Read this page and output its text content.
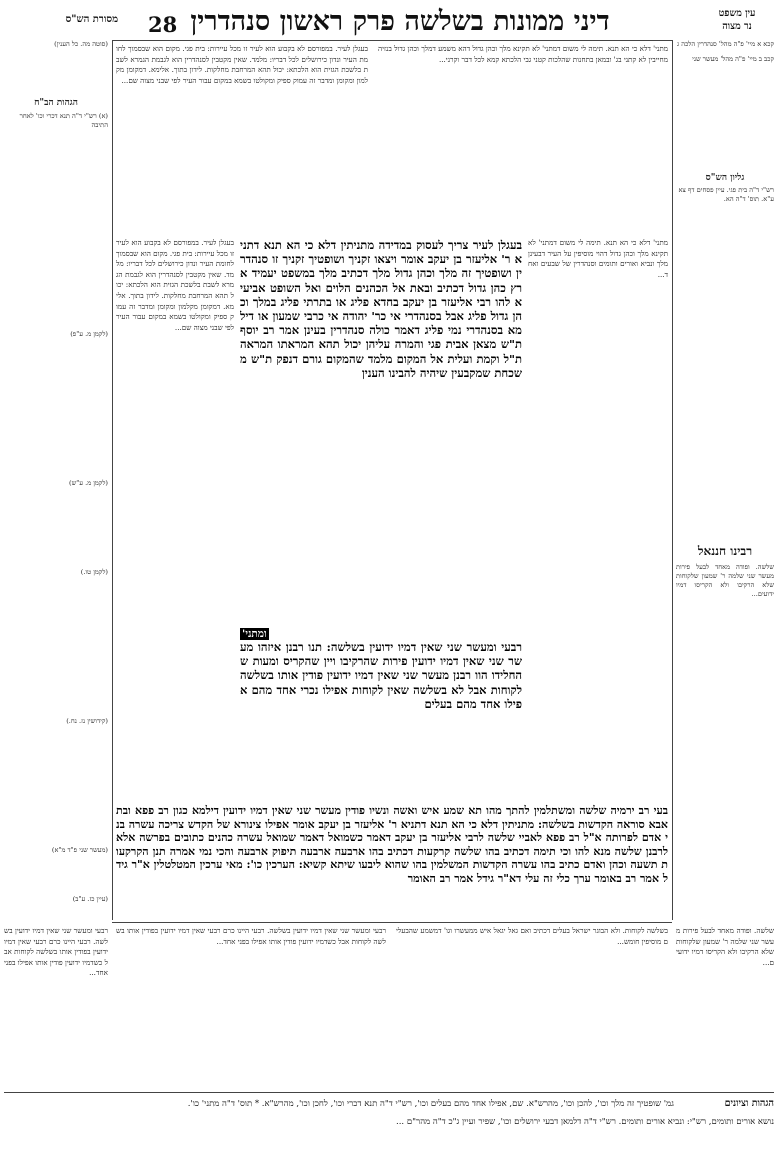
דיני ממונות בשלשה פרק ראשון סנהדרין
28
מסורת הש"ס
עין משפט
נר מצוה
(סוטה מה. כל הענין)
הגהות הב"ח
(א) רש"י ד"ה תנא דכרי וכו' לאחר התיבה
(לקמן מ. ע"פ)
(לקמן מ. ע"ש)
(לקמן טו.)
(קידושין נז. נח.)
(מעשר שני פ"ד מ"א)
(עיין כז. ע"ב)
קכא א מיי' פ"ה מהל' סנהדרין הלכה ג
קכב ב מיי' פ"ה מהל' מעשר שני
גליון הש"ס
רש"י ד"ה בית פגי. עיין פסחים דף צא ע"א. תוס' ד"ה הא.
רבינו חננאל
שלשה. ופודה מאחד לבעל פירות מעשר שני שלמה ר' שמעון שלקוחות שלא הרקיבו ולא הקריסו דמיו ידועים...
בעגלן לעיר. במפורסם לא בקבוע הוא לעיר זו מכל עיירות: בית פגי. מקום הוא שבסמוך לחומת העיר ונדון כירושלים לכל דבריו: מלמד. שאין מקטבין לסנהדרין הוא לגבמת הגמרא לשבת בלשכת הגזית הוא הלכתא: יכול תהא המרחבת מחלקות. לידון בתוך. אלימא. דמקומן מקלמון ומקומן ומדבר זה עמוק ספיק ומקולטו בשמא במקום עבור העיר לפי שבני מצוה שם...
מתני' דלא כי הא תנא. תימה לי משום דמתני' לא תקינא מלך וכהן גדול דהא משמע דמלך וכהן גדול בנזיה מחייבין לא קתני בג' ובמאן בתחנות שהלכות קטני גבי הלכתא קמא לכל דבר וקרני...
בעגלן לעיר. במפורסם לא בקבוע הוא לעיר זו מכל עיירות: בית פגי. מקום הוא שבסמוך לחומת העיר ונדון כירושלים לכל דבריו: מלמד. שאין מקטבין לסנהדרין הוא לגבמת הגמרא לשבת בלשכת הגזית הוא הלכתא: יכול תהא המרחבת מחלקות. לידון בתוך. אלימא. דמקומן מקלמון ומקומן ומדבר זה עמוק ספיק ומקולטו בשמא במקום עבור העיר לפי שבני מצוה שם...
מתני' דלא כי הא תנא. תימה לי משום דמתני' לא תקינא מלך וכהן גדול דהוי מוסיפין על העיר דבעינן מלך ונביא ואורים ותומים וסנהדרין של שבעים ואחד...
בעגלן לעיר צריך לעסוק במדידה מתניתין דלא כי הא תנא דתניא ר' אליעזר בן יעקב אומר ויצאו זקניך ושופטיך זקניך זו סנהדרין ושופטיך זה מלך וכהן גדול מלך דכתיב מלך במשפט יעמיד ארץ כהן גדול דכתיב ובאת אל הכהנים הלוים ואל השופט אביעיא להו רבי אליעזר בן יעקב בחדא פליג או בתרתי פליג במלך וכהן גדול פליג אבל בסנהדרי אי כר' יהודה אי כרבי שמעון או דילמא בסנהדרי נמי פליג דאמר כולה סנהדרין בעינן אמר רב יוסף ת"ש מצאן אבית פגי והמרה עליהן יכול תהא המראתו המראה ת"ל וקמת ועלית אל המקום מלמד שהמקום גורם דנפק ת"ש משכחת שמקבעין שיהיה להבינו הענין
ומתני'
רבעי ומעשר שני שאין דמיו ידועין בשלשה: תנו רבנן איזהו מעשר שני שאין דמיו ידועין פירות שהרקיבו ויין שהקריס ומעות שהחלידו הוו רבנן מעשר שני שאין דמיו ידועין פודין אותו בשלשה לקוחות אבל לא בשלשה שאין לקוחות אפילו נכרי אחד מהם אפילו אחד מהם בעלים
בעי רב ירמיה שלשה ומשתלמין להתך מהו תא שמע איש ואשה ונשיו פודין מעשר שני שאין דמיו ידועין דילמא כגון רב פפא ובת אבא סוראה הקדשות בשלשה: מתניתין דלא כי הא תנא דתניא ר' אליעזר בן יעקב אומר אפילו צינורא של הקדש צריכה עשרה בני אדם לפרותה א"ל רב פפא לאביי שלשה לרבי אליעזר בן יעקב דאמר כשמואל דאמר שמואל עשרה כהנים כתובים בפרשה אלא לרבנן שלשה מנא להו וכי תימה דכתיב בהו שלשה קרקעות דכתיב בהו ארבעה ארבעה תיפוק ארבעה והכי נמי אמרה תנן הקרקעות תשעה וכהן ואדם כתיב בהו עשרה הקדשות המשלמין בהו שהוא ליבעו שיתא קשיא: הערכין כו': מאי ערכין המטלטלין א"ר גידל אמר רב באומר ערך כלי זה עלי דא"ר גידל אמר רב האומר
רבעי ומעשר שני שאין דמיו ידועין בשלשה. רבעי היינו כרם רבעי שאין דמיו ידועין בפודין אותו בשלשה לקוחות אבל כשדמיו ידועין פודין אותו אפילו בפני אחד...
בשלשה לקוחות. ולא הבוגר ישראל בעלים דכתיב ואם גאל יגאל איש ממעשרו וגו' דמשמע שהבעלים מוסיפין חומש...
שלשה. ופודה מאחד לבעל פירות מעשר שני שלמה ר' שמעון שלקוחות שלא הרקיבו ולא הקריסו דמיו ידועים...
רבעי ומעשר שני שאין דמיו ידועין בשלשה. רבעי היינו כרם רבעי שאין דמיו ידועין בפודין אותו בשלשה לקוחות אבל כשדמיו ידועין פודין אותו אפילו בפני אחד...
הגהות וציונים
גמ' שופטיך זה מלך וכו', להכן וכו', מהרש"א. שם, אפילו אחד מהם בעלים וכו', רש"י ד"ה תנא דכרי וכו', לחכן וכו', מהרש"א. * תוס' ד"ה מתני' כו'.
נושא אורים ותומים, רש"י: ונביא אורים ותומים. רש"י ד"ה דלמאן דבעי ירושלים וכו', שפיר ועיין ג"כ ד"ה מהר"ם ...
